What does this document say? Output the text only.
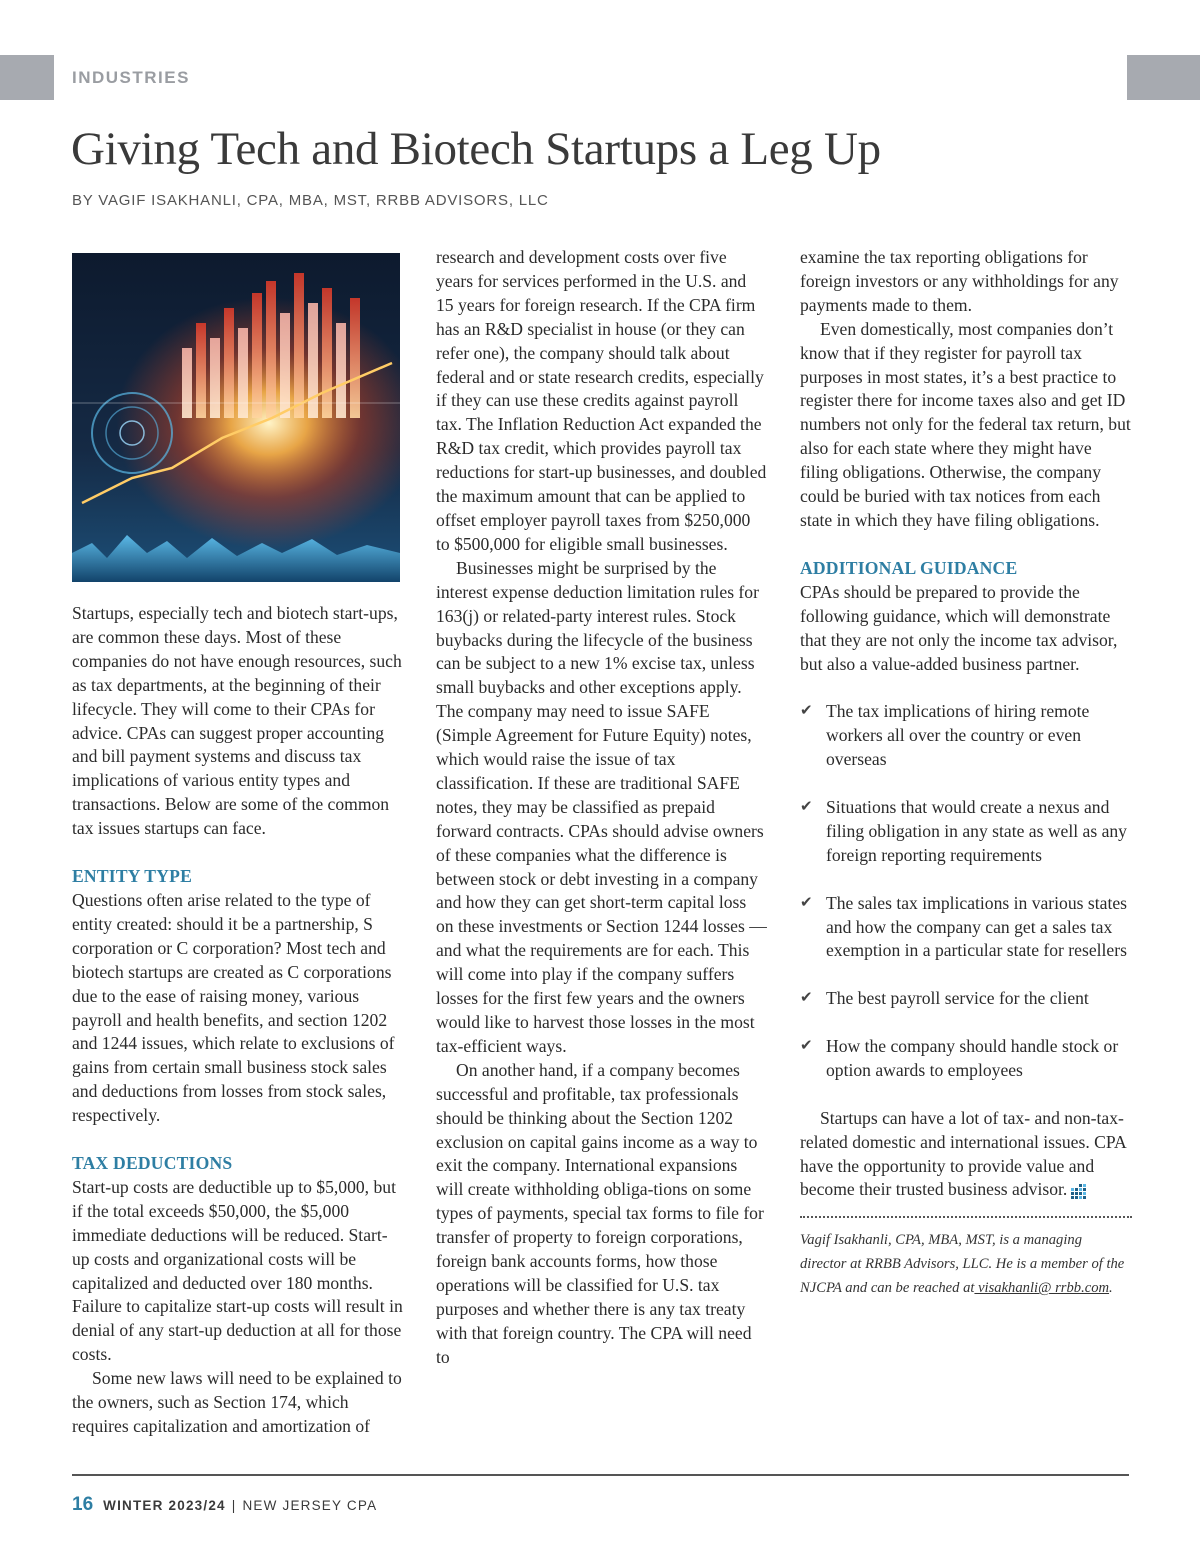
INDUSTRIES
Giving Tech and Biotech Startups a Leg Up
BY VAGIF ISAKHANLI, CPA, MBA, MST, RRBB ADVISORS, LLC

Startups, especially tech and biotech start-ups, are common these days. Most of these companies do not have enough resources, such as tax departments, at the beginning of their lifecycle. They will come to their CPAs for advice. CPAs can suggest proper accounting and bill payment systems and discuss tax implications of various entity types and transactions. Below are some of the common tax issues startups can face.

ENTITY TYPE

Questions often arise related to the type of entity created: should it be a partnership, S corporation or C corporation? Most tech and biotech startups are created as C corporations due to the ease of raising money, various payroll and health benefits, and section 1202 and 1244 issues, which relate to exclusions of gains from certain small business stock sales and deductions from losses from stock sales, respectively.

TAX DEDUCTIONS

Start-up costs are deductible up to $5,000, but if the total exceeds $50,000, the $5,000 immediate deductions will be reduced. Start-up costs and organizational costs will be capitalized and deducted over 180 months. Failure to capitalize start-up costs will result in denial of any start-up deduction at all for those costs.

Some new laws will need to be explained to the owners, such as Section 174, which requires capitalization and amortization of

research and development costs over five years for services performed in the U.S. and 15 years for foreign research. If the CPA firm has an R&D specialist in house (or they can refer one), the company should talk about federal and or state research credits, especially if they can use these credits against payroll tax. The Inflation Reduction Act expanded the R&D tax credit, which provides payroll tax reductions for start-up businesses, and doubled the maximum amount that can be applied to offset employer payroll taxes from $250,000 to $500,000 for eligible small businesses.

Businesses might be surprised by the interest expense deduction limitation rules for 163(j) or related-party interest rules. Stock buybacks during the lifecycle of the business can be subject to a new 1% excise tax, unless small buybacks and other exceptions apply. The company may need to issue SAFE (Simple Agreement for Future Equity) notes, which would raise the issue of tax classification. If these are traditional SAFE notes, they may be classified as prepaid forward contracts. CPAs should advise owners of these companies what the difference is between stock or debt investing in a company and how they can get short-term capital loss on these investments or Section 1244 losses — and what the requirements are for each. This will come into play if the company suffers losses for the first few years and the owners would like to harvest those losses in the most tax-efficient ways.

On another hand, if a company becomes successful and profitable, tax professionals should be thinking about the Section 1202 exclusion on capital gains income as a way to exit the company. International expansions will create withholding obliga-tions on some types of payments, special tax forms to file for transfer of property to foreign corporations, foreign bank accounts forms, how those operations will be classified for U.S. tax purposes and whether there is any tax treaty with that foreign country. The CPA will need to

examine the tax reporting obligations for foreign investors or any withholdings for any payments made to them.

Even domestically, most companies don’t know that if they register for payroll tax purposes in most states, it’s a best practice to register there for income taxes also and get ID numbers not only for the federal tax return, but also for each state where they might have filing obligations. Otherwise, the company could be buried with tax notices from each state in which they have filing obligations.

ADDITIONAL GUIDANCE

CPAs should be prepared to provide the following guidance, which will demonstrate that they are not only the income tax advisor, but also a value-added business partner.

✔ The tax implications of hiring remote workers all over the country or even overseas
✔ Situations that would create a nexus and filing obligation in any state as well as any foreign reporting requirements
✔ The sales tax implications in various states and how the company can get a sales tax exemption in a particular state for resellers
✔ The best payroll service for the client
✔ How the company should handle stock or option awards to employees

Startups can have a lot of tax- and non-tax-related domestic and international issues. CPA have the opportunity to provide value and become their trusted business advisor.

Vagif Isakhanli, CPA, MBA, MST, is a managing director at RRBB Advisors, LLC. He is a member of the NJCPA and can be reached at visakhanli@ rrbb.com.

16 WINTER 2023/24 | NEW JERSEY CPA
